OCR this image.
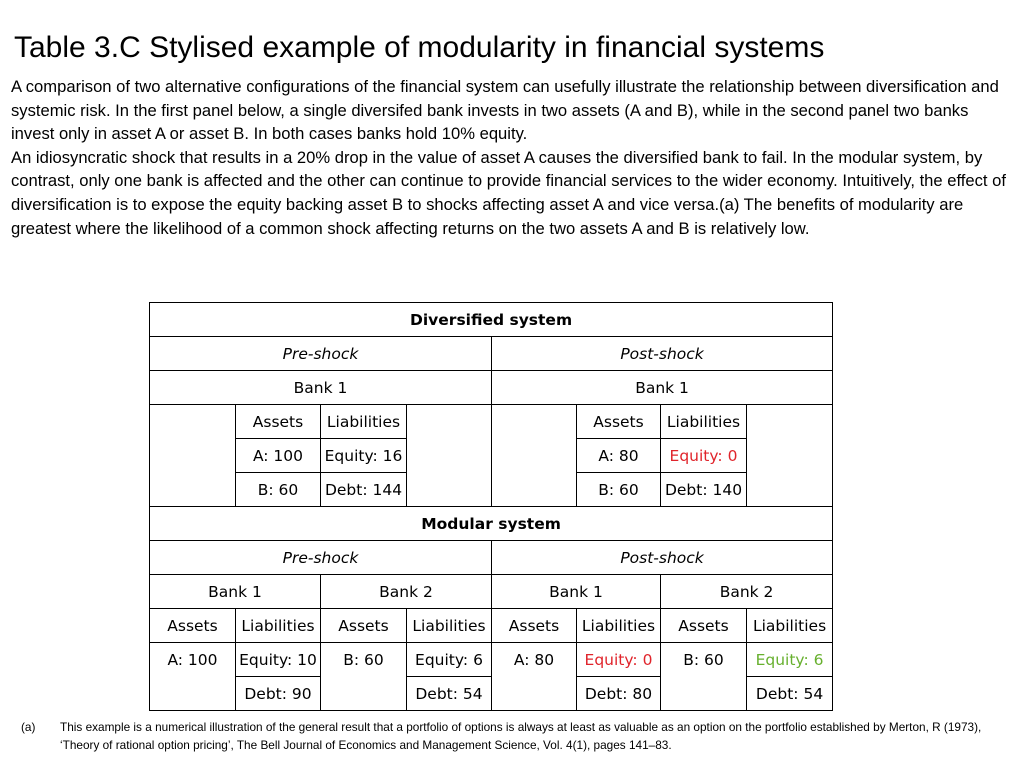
Table 3.C Stylised example of modularity in financial systems

A comparison of two alternative configurations of the financial system can usefully illustrate the relationship between diversification and systemic risk. In the first panel below, a single diversifed bank invests in two assets (A and B), while in the second panel two banks invest only in asset A or asset B. In both cases banks hold 10% equity.

An idiosyncratic shock that results in a 20% drop in the value of asset A causes the diversified bank to fail. In the modular system, by contrast, only one bank is affected and the other can continue to provide financial services to the wider economy. Intuitively, the effect of diversification is to expose the equity backing asset B to shocks affecting asset A and vice versa.(a) The benefits of modularity are greatest where the likelihood of a common shock affecting returns on the two assets A and B is relatively low.

Diversified system							
Pre-shock				Post-shock			
Bank 1				Bank 1			
	Assets	Liabilities			Assets	Liabilities	
	A: 100	Equity: 16			A: 80	Equity: 0	
	B: 60	Debt: 144			B: 60	Debt: 140	
Modular system							
Pre-shock				Post-shock			
Bank 1		Bank 2		Bank 1		Bank 2	
Assets	Liabilities	Assets	Liabilities	Assets	Liabilities	Assets	Liabilities
A: 100	Equity: 10	B: 60	Equity: 6	A: 80	Equity: 0	B: 60	Equity: 6
	Debt: 90		Debt: 54		Debt: 80		Debt: 54
(a) This example is a numerical illustration of the general result that a portfolio of options is always at least as valuable as an option on the portfolio established by Merton, R (1973), ‘Theory of rational option pricing’, The Bell Journal of Economics and Management Science, Vol. 4(1), pages 141–83.
